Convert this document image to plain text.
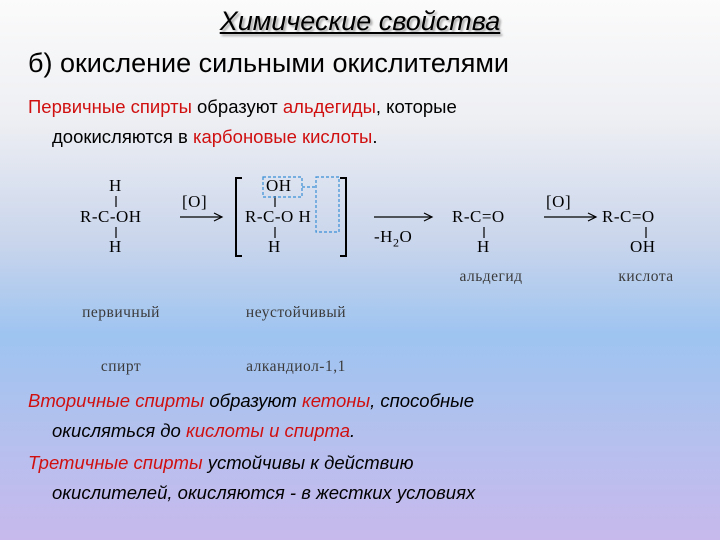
Химические свойства
б) окисление сильными окислителями
Первичные спирты образуют альдегиды, которые
доокисляются в карбоновые кислоты.
H
R-C-OH
H
[O]
OH
R-C-O H
H
$-H_2O$
R-C=O
H
[O]
R-C=O
OH

первичный

спирт

неустойчивый

алкандиол-1,1

альдегид	кислота
Вторичные спирты образуют кетоны, способные
окисляться до кислоты и спирта.
Третичные спирты устойчивы к действию
окислителей, окисляются - в жестких условиях
